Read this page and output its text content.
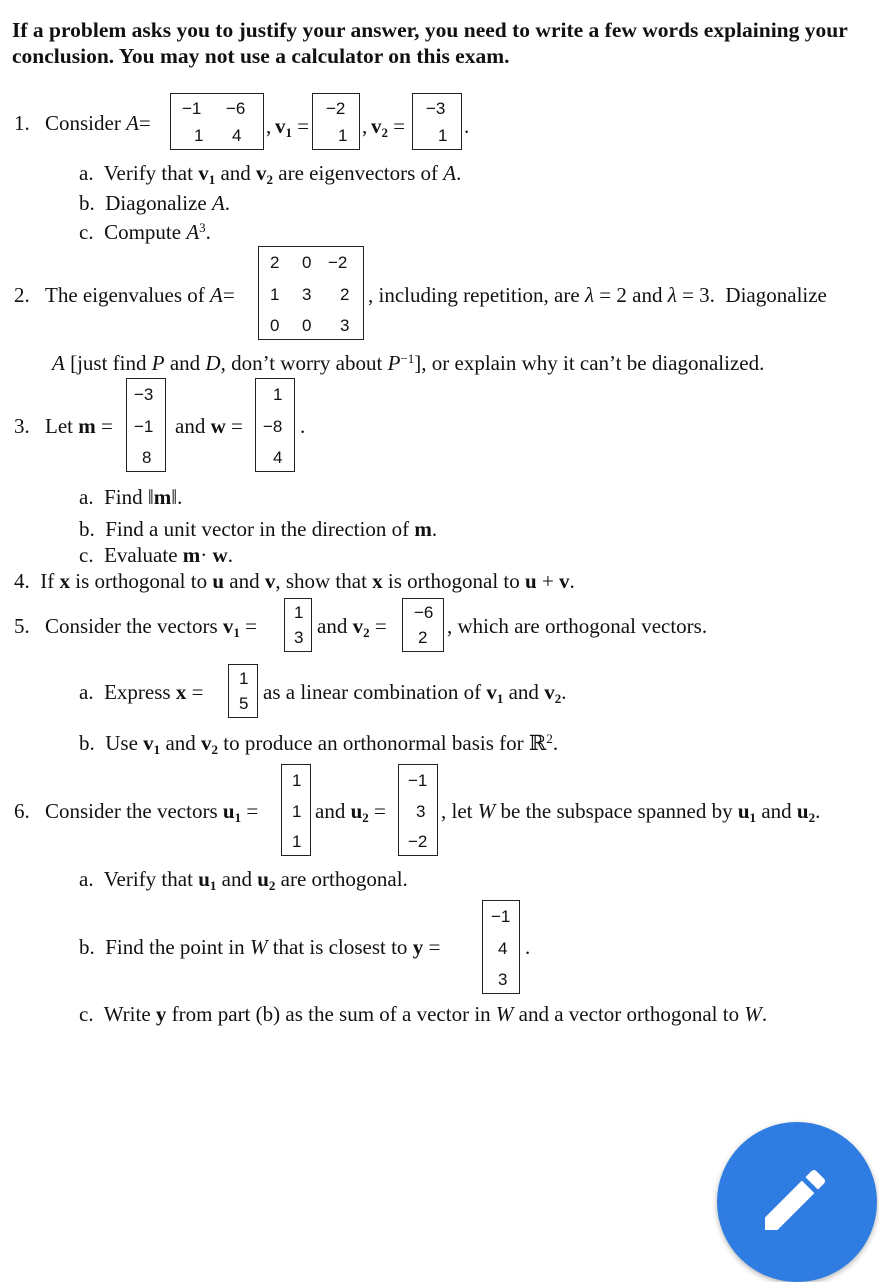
If a problem asks you to justify your answer, you need to write a few words explaining your
conclusion. You may not use a calculator on this exam.
1. Consider A=
−1 −6
1 4 , $v_1$ =
−2
1 , $v_2$ =
−3
1 .
a. Verify that $v_1$ and $v_2$ are eigenvectors of A.
b. Diagonalize A.
c. Compute $A^3$.
2. The eigenvalues of A=
2 0 −2
1 3 2
0 0 3
, including repetition, are λ = 2 and λ = 3. Diagonalize
A [just find P and D, don’t worry about $P^{-1}$], or explain why it can’t be diagonalized.
3. Let m =
−3
−1
8
and w =
1
−8
4
.
a. Find ‖m‖.
b. Find a unit vector in the direction of m.
c. Evaluate m· w.
4. If x is orthogonal to u and v, show that x is orthogonal to u + v.
5. Consider the vectors $v_1$ =
1
3 and $v_2$ =
−6
2 , which are orthogonal vectors.
a. Express x =
1
5 as a linear combination of $v_1$ and $v_2$.
b. Use $v_1$ and $v_2$ to produce an orthonormal basis for ℝ$^2$.
6. Consider the vectors $u_1$ =
1
1
1
and $u_2$ =
−1
3
−2
, let W be the subspace spanned by $u_1$ and $u_2$.
a. Verify that $u_1$ and $u_2$ are orthogonal.
b. Find the point in W that is closest to y =
−1
4
3
.
c. Write y from part (b) as the sum of a vector in W and a vector orthogonal to W.
